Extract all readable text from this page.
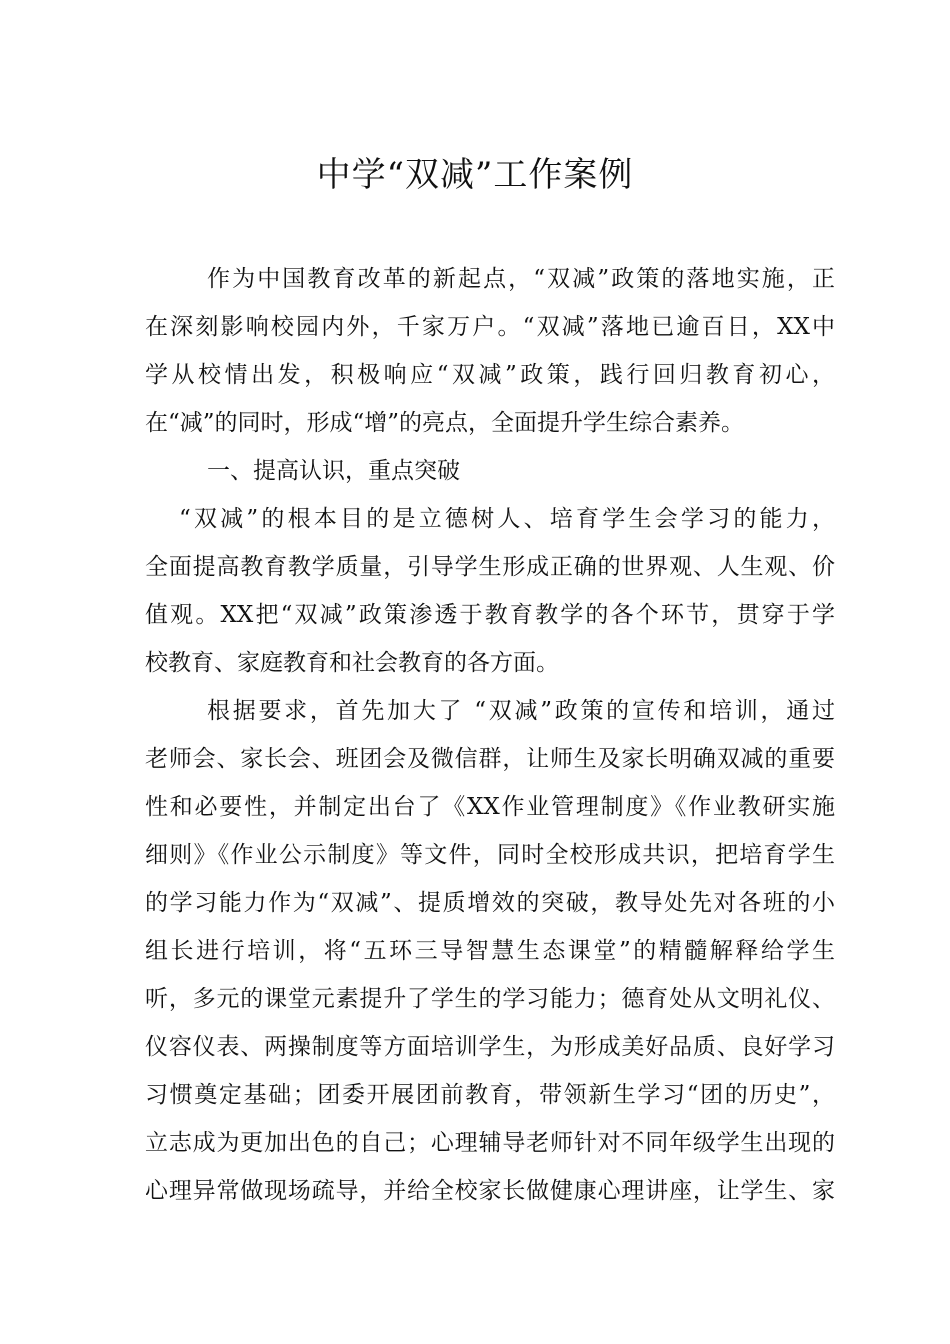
中学“双减”工作案例
作为中国教育改革的新起点，“双减”政策的落地实施，正
在深刻影响校园内外，千家万户。“双减”落地已逾百日，XX中
学从校情出发，积极响应“双减”政策，践行回归教育初心，
在“减”的同时，形成“增”的亮点，全面提升学生综合素养。
一、提高认识，重点突破
“双减”的根本目的是立德树人、培育学生会学习的能力，
全面提高教育教学质量，引导学生形成正确的世界观、人生观、价
值观。XX把“双减”政策渗透于教育教学的各个环节，贯穿于学
校教育、家庭教育和社会教育的各方面。
根据要求，首先加大了 “双减”政策的宣传和培训，通过
老师会、家长会、班团会及微信群，让师生及家长明确双减的重要
性和必要性，并制定出台了《XX作业管理制度》《作业教研实施
细则》《作业公示制度》等文件，同时全校形成共识，把培育学生
的学习能力作为“双减”、提质增效的突破，教导处先对各班的小
组长进行培训，将“五环三导智慧生态课堂”的精髓解释给学生
听，多元的课堂元素提升了学生的学习能力；德育处从文明礼仪、
仪容仪表、两操制度等方面培训学生，为形成美好品质、良好学习
习惯奠定基础；团委开展团前教育，带领新生学习“团的历史”，
立志成为更加出色的自己；心理辅导老师针对不同年级学生出现的
心理异常做现场疏导，并给全校家长做健康心理讲座，让学生、家
